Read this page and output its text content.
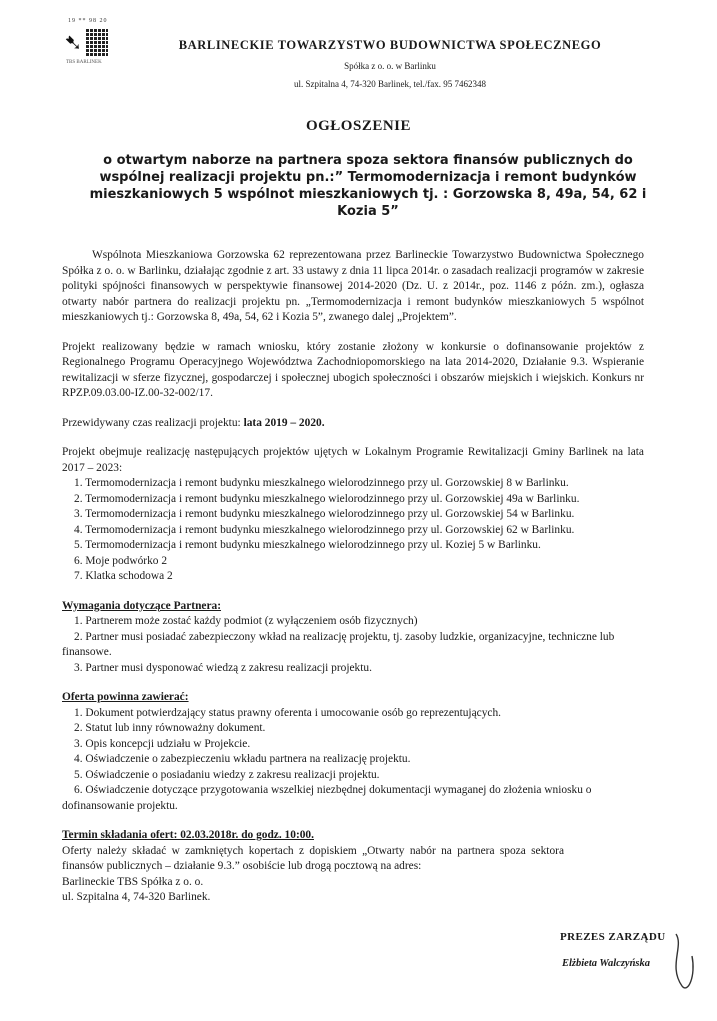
19 ** 98 20
➷
TBS BARLINEK
BARLINECKIE TOWARZYSTWO BUDOWNICTWA SPOŁECZNEGO
Spółka z o. o. w Barlinku
ul. Szpitalna 4, 74-320 Barlinek, tel./fax. 95 7462348
OGŁOSZENIE
o otwartym naborze na partnera spoza sektora finansów publicznych do wspólnej realizacji projektu pn.:” Termomodernizacja i remont budynków mieszkaniowych 5 wspólnot mieszkaniowych tj. : Gorzowska 8, 49a, 54, 62 i Kozia 5”

Wspólnota Mieszkaniowa Gorzowska 62 reprezentowana przez Barlineckie Towarzystwo Budownictwa Społecznego Spółka z o. o. w Barlinku, działając zgodnie z art. 33 ustawy z dnia 11 lipca 2014r. o zasadach realizacji programów w zakresie polityki spójności finansowych w perspektywie finansowej 2014-2020 (Dz. U. z 2014r., poz. 1146 z późn. zm.), ogłasza otwarty nabór partnera do realizacji projektu pn. „Termomodernizacja i remont budynków mieszkaniowych 5 wspólnot mieszkaniowych tj.: Gorzowska 8, 49a, 54, 62 i Kozia 5”, zwanego dalej „Projektem”.

Projekt realizowany będzie w ramach wniosku, który zostanie złożony w konkursie o dofinansowanie projektów z Regionalnego Programu Operacyjnego Województwa Zachodniopomorskiego na lata 2014-2020, Działanie 9.3. Wspieranie rewitalizacji w sferze fizycznej, gospodarczej i społecznej ubogich społeczności i obszarów miejskich i wiejskich. Konkurs nr RPZP.09.03.00-IZ.00-32-002/17.

Przewidywany czas realizacji projektu: lata 2019 – 2020.

Projekt obejmuje realizację następujących projektów ujętych w Lokalnym Programie Rewitalizacji Gminy Barlinek na lata 2017 – 2023:

1. Termomodernizacja i remont budynku mieszkalnego wielorodzinnego przy ul. Gorzowskiej 8 w Barlinku.
2. Termomodernizacja i remont budynku mieszkalnego wielorodzinnego przy ul. Gorzowskiej 49a w Barlinku.
3. Termomodernizacja i remont budynku mieszkalnego wielorodzinnego przy ul. Gorzowskiej 54 w Barlinku.
4. Termomodernizacja i remont budynku mieszkalnego wielorodzinnego przy ul. Gorzowskiej 62 w Barlinku.
5. Termomodernizacja i remont budynku mieszkalnego wielorodzinnego przy ul. Koziej 5 w Barlinku.
6. Moje podwórko 2
7. Klatka schodowa 2
Wymagania dotyczące Partnera:
1. Partnerem może zostać każdy podmiot (z wyłączeniem osób fizycznych)
2. Partner musi posiadać zabezpieczony wkład na realizację projektu, tj. zasoby ludzkie, organizacyjne, techniczne lub finansowe.
3. Partner musi dysponować wiedzą z zakresu realizacji projektu.
Oferta powinna zawierać:
1. Dokument potwierdzający status prawny oferenta i umocowanie osób go reprezentujących.
2. Statut lub inny równoważny dokument.
3. Opis koncepcji udziału w Projekcie.
4. Oświadczenie o zabezpieczeniu wkładu partnera na realizację projektu.
5. Oświadczenie o posiadaniu wiedzy z zakresu realizacji projektu.
6. Oświadczenie dotyczące przygotowania wszelkiej niezbędnej dokumentacji wymaganej do złożenia wniosku o dofinansowanie projektu.
Termin składania ofert: 02.03.2018r. do godz. 10:00.

Oferty należy składać w zamkniętych kopertach z dopiskiem „Otwarty nabór na partnera spoza sektora finansów publicznych – działanie 9.3.” osobiście lub drogą pocztową na adres:

Barlineckie TBS Spółka z o. o.

ul. Szpitalna 4, 74-320 Barlinek.

PREZES ZARZĄDU
Elżbieta Walczyńska
